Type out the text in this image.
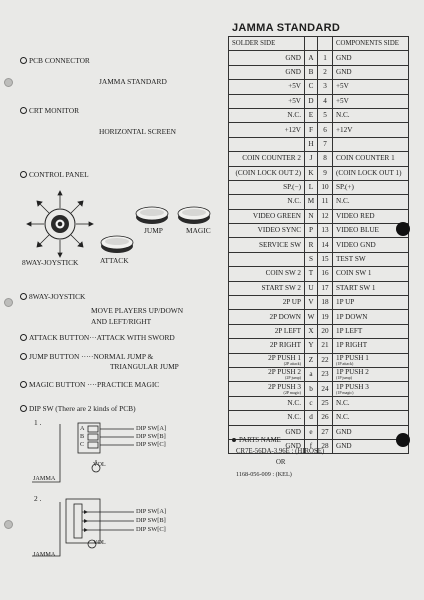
PCB CONNECTOR
JAMMA STANDARD
CRT MONITOR
HORIZONTAL SCREEN
CONTROL PANEL
JUMP	MAGIC
ATTACK
8WAY-JOYSTICK
8WAY-JOYSTICK
MOVE PLAYERS UP/DOWN
AND LEFT/RIGHT
ATTACK BUTTON···ATTACK WITH SWORD
JUMP BUTTON ·····NORMAL JUMP &
TRIANGULAR JUMP
MAGIC BUTTON ····PRACTICE MAGIC
DIP SW (There are 2 kinds of PCB)
1 .
A
B
C
DIP SW[A]
DIP SW[B]
DIP SW[C]
VOL
JAMMA
2 .
DIP SW[A]
DIP SW[B]
DIP SW[C]
VOL
JAMMA
JAMMA STANDARD
SOLDER SIDE			COMPONENTS SIDE
GND	A	1	GND
GND	B	2	GND
+5V	C	3	+5V
+5V	D	4	+5V
N.C.	E	5	N.C.
+12V	F	6	+12V
	H	7	
COIN COUNTER 2	J	8	COIN COUNTER 1
(COIN LOCK OUT 2)	K	9	(COIN LOCK OUT 1)
SP.(−)	L	10	SP.(+)
N.C.	M	11	N.C.
VIDEO GREEN	N	12	VIDEO RED
VIDEO SYNC	P	13	VIDEO BLUE
SERVICE SW	R	14	VIDEO GND
	S	15	TEST SW
COIN SW 2	T	16	COIN SW 1
START SW 2	U	17	START SW 1
2P UP	V	18	1P UP
2P DOWN	W	19	1P DOWN
2P LEFT	X	20	1P LEFT
2P RIGHT	Y	21	1P RIGHT

2P PUSH 1
(2P attack)	Z	22	1P PUSH 1
(1P attack)

2P PUSH 2
(2P jump)	a	23	1P PUSH 2
(1P jump)

2P PUSH 3
(2P magic)	b	24	1P PUSH 3
(1P magic)

N.C.	c	25	N.C.
N.C.	d	26	N.C.
GND	e	27	GND
GND	f	28	GND
PARTS NAME
CR7E-56DA-3.96E : (HIROSE)
OR
1168-056-009 : (KEL)
